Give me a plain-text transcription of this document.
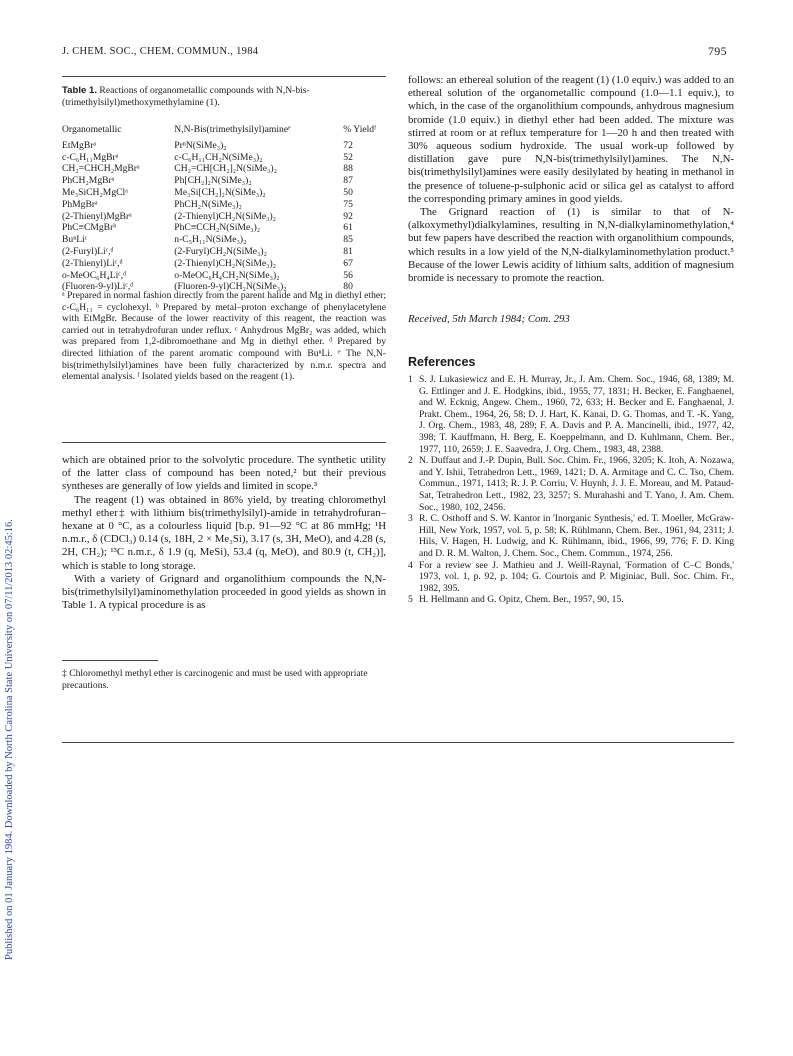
J. CHEM. SOC., CHEM. COMMUN., 1984	795
Published on 01 January 1984. Downloaded by North Carolina State University on 07/11/2013 02:45:16.
Table 1. Reactions of organometallic compounds with N,N-bis-(trimethylsilyl)methoxymethylamine (1).
Organometallic	N,N-Bis(trimethylsilyl)amineᵉ	% Yieldᶠ
EtMgBrᵃ	PrⁿN(SiMe₃)₂	72
c-C₆H₁₁MgBrᵃ	c-C₆H₁₁CH₂N(SiMe₃)₂	52
CH₂=CHCH₂MgBrᵃ	CH₂=CH[CH₂]₂N(SiMe₃)₂	88
PhCH₂MgBrᵃ	Ph[CH₂]₂N(SiMe₃)₂	87
Me₃SiCH₂MgClᵃ	Me₃Si[CH₂]₂N(SiMe₃)₂	50
PhMgBrᵃ	PhCH₂N(SiMe₃)₂	75
(2-Thienyl)MgBrᵃ	(2-Thienyl)CH₂N(SiMe₃)₂	92
PhC≡CMgBrᵇ	PhC≡CCH₂N(SiMe₃)₂	61
BuⁿLiᶜ	n-C₅H₁₁N(SiMe₃)₂	85
(2-Furyl)Liᶜ,ᵈ	(2-Furyl)CH₂N(SiMe₃)₂	81
(2-Thienyl)Liᶜ,ᵈ	(2-Thienyl)CH₂N(SiMe₃)₂	67
o-MeOC₆H₄Liᶜ,ᵈ	o-MeOC₆H₄CH₂N(SiMe₃)₂	56
(Fluoren-9-yl)Liᶜ,ᵈ	(Fluoren-9-yl)CH₂N(SiMe₃)₂	80
ᵃ Prepared in normal fashion directly from the parent halide and Mg in diethyl ether; c-C₆H₁₁ = cyclohexyl. ᵇ Prepared by metal–proton exchange of phenylacetylene with EtMgBr. Because of the lower reactivity of this reagent, the reaction was carried out in tetrahydrofuran under reflux. ᶜ Anhydrous MgBr₂ was added, which was prepared from 1,2-dibromoethane and Mg in diethyl ether. ᵈ Prepared by directed lithiation of the parent aromatic compound with BuⁿLi. ᵉ The N,N-bis(trimethylsilyl)amines have been fully characterized by n.m.r. spectra and elemental analysis. ᶠ Isolated yields based on the reagent (1).

which are obtained prior to the solvolytic procedure. The synthetic utility of the latter class of compound has been noted,² but their previous syntheses are generally of low yields and limited in scope.³

The reagent (1) was obtained in 86% yield, by treating chloromethyl methyl ether‡ with lithium bis(trimethylsilyl)-amide in tetrahydrofuran–hexane at 0 °C, as a colourless liquid [b.p. 91—92 °C at 86 mmHg; ¹H n.m.r., δ (CDCl₃) 0.14 (s, 18H, 2 × Me₃Si), 3.17 (s, 3H, MeO), and 4.28 (s, 2H, CH₂); ¹³C n.m.r., δ 1.9 (q, MeSi), 53.4 (q, MeO), and 80.9 (t, CH₂)], which is stable to long storage.

With a variety of Grignard and organolithium compounds the N,N-bis(trimethylsilyl)aminomethylation proceeded in good yields as shown in Table 1. A typical procedure is as

‡ Chloromethyl methyl ether is carcinogenic and must be used with appropriate precautions.

follows: an ethereal solution of the reagent (1) (1.0 equiv.) was added to an ethereal solution of the organometallic compound (1.0—1.1 equiv.), to which, in the case of the organolithium compounds, anhydrous magnesium bromide (1.0 equiv.) in diethyl ether had been added. The mixture was stirred at room or at reflux temperature for 1—20 h and then treated with 30% aqueous sodium hydroxide. The usual work-up followed by distillation gave pure N,N-bis(trimethylsilyl)amines. The N,N-bis(trimethylsilyl)amines were easily desilylated by heating in methanol in the presence of toluene-p-sulphonic acid or silica gel as catalyst to afford the corresponding primary amines in good yields.

The Grignard reaction of (1) is similar to that of N-(alkoxymethyl)dialkylamines, resulting in N,N-dialkylaminomethylation,⁴ but few papers have described the reaction with organolithium compounds, which results in a low yield of the N,N-dialkylaminomethylation product.⁵ Because of the lower Lewis acidity of lithium salts, addition of magnesium bromide is necessary to promote the reaction.

Received, 5th March 1984; Com. 293
References
1 S. J. Lukasiewicz and E. H. Murray, Jr., J. Am. Chem. Soc., 1946, 68, 1389; M. G. Ettlinger and J. E. Hodgkins, ibid., 1955, 77, 1831; H. Becker, E. Fanghaenel, and W. Ecknig, Angew. Chem., 1960, 72, 633; H. Becker and E. Fanghaenal, J. Prakt. Chem., 1964, 26, 58; D. J. Hart, K. Kanai, D. G. Thomas, and T. -K. Yang, J. Org. Chem., 1983, 48, 289; F. A. Davis and P. A. Mancinelli, ibid., 1977, 42, 398; T. Kauffmann, H. Berg, E. Koeppelmann, and D. Kuhlmann, Chem. Ber., 1977, 110, 2659; J. E. Saavedra, J. Org. Chem., 1983, 48, 2388.
2 N. Duffaut and J.-P. Dupin, Bull. Soc. Chim. Fr., 1966, 3205; K. Itoh, A. Nozawa, and Y. Ishii, Tetrahedron Lett., 1969, 1421; D. A. Armitage and C. C. Tso, Chem. Commun., 1971, 1413; R. J. P. Corriu, V. Huynh, J. J. E. Moreau, and M. Pataud-Sat, Tetrahedron Lett., 1982, 23, 3257; S. Murahashi and T. Yano, J. Am. Chem. Soc., 1980, 102, 2456.
3 R. C. Osthoff and S. W. Kantor in 'Inorganic Synthesis,' ed. T. Moeller, McGraw-Hill, New York, 1957, vol. 5, p. 58; K. Rühlmann, Chem. Ber., 1961, 94, 2311; J. Hils, V. Hagen, H. Ludwig, and K. Rühlmann, ibid., 1966, 99, 776; F. D. King and D. R. M. Walton, J. Chem. Soc., Chem. Commun., 1974, 256.
4 For a review see J. Mathieu and J. Weill-Raynal, 'Formation of C–C Bonds,' 1973, vol. 1, p. 92, p. 104; G. Courtois and P. Miginiac, Bull. Soc. Chim. Fr., 1982, 395.
5 H. Hellmann and G. Opitz, Chem. Ber., 1957, 90, 15.
